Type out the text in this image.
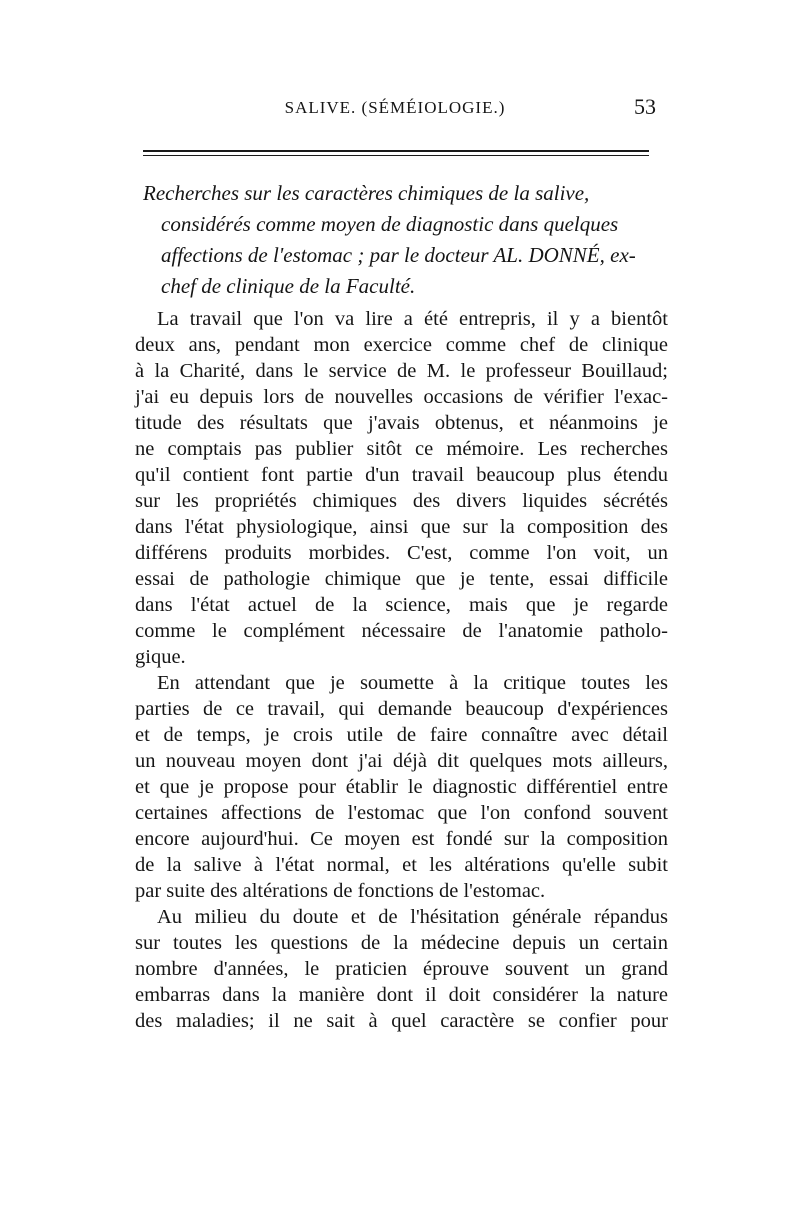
SALIVE. (SÉMÉIOLOGIE.)	53
Recherches sur les caractères chimiques de la salive,
considérés comme moyen de diagnostic dans quelques
affections de l'estomac ; par le docteur AL. DONNÉ, ex-
chef de clinique de la Faculté.
La travail que l'on va lire a été entrepris, il y a bientôt
deux ans, pendant mon exercice comme chef de clinique
à la Charité, dans le service de M. le professeur Bouillaud;
j'ai eu depuis lors de nouvelles occasions de vérifier l'exac-
titude des résultats que j'avais obtenus, et néanmoins je
ne comptais pas publier sitôt ce mémoire. Les recherches
qu'il contient font partie d'un travail beaucoup plus étendu
sur les propriétés chimiques des divers liquides sécrétés
dans l'état physiologique, ainsi que sur la composition des
différens produits morbides. C'est, comme l'on voit, un
essai de pathologie chimique que je tente, essai difficile
dans l'état actuel de la science, mais que je regarde
comme le complément nécessaire de l'anatomie patholo-
gique.
En attendant que je soumette à la critique toutes les
parties de ce travail, qui demande beaucoup d'expériences
et de temps, je crois utile de faire connaître avec détail
un nouveau moyen dont j'ai déjà dit quelques mots ailleurs,
et que je propose pour établir le diagnostic différentiel entre
certaines affections de l'estomac que l'on confond souvent
encore aujourd'hui. Ce moyen est fondé sur la composition
de la salive à l'état normal, et les altérations qu'elle subit
par suite des altérations de fonctions de l'estomac.
Au milieu du doute et de l'hésitation générale répandus
sur toutes les questions de la médecine depuis un certain
nombre d'années, le praticien éprouve souvent un grand
embarras dans la manière dont il doit considérer la nature
des maladies; il ne sait à quel caractère se confier pour
